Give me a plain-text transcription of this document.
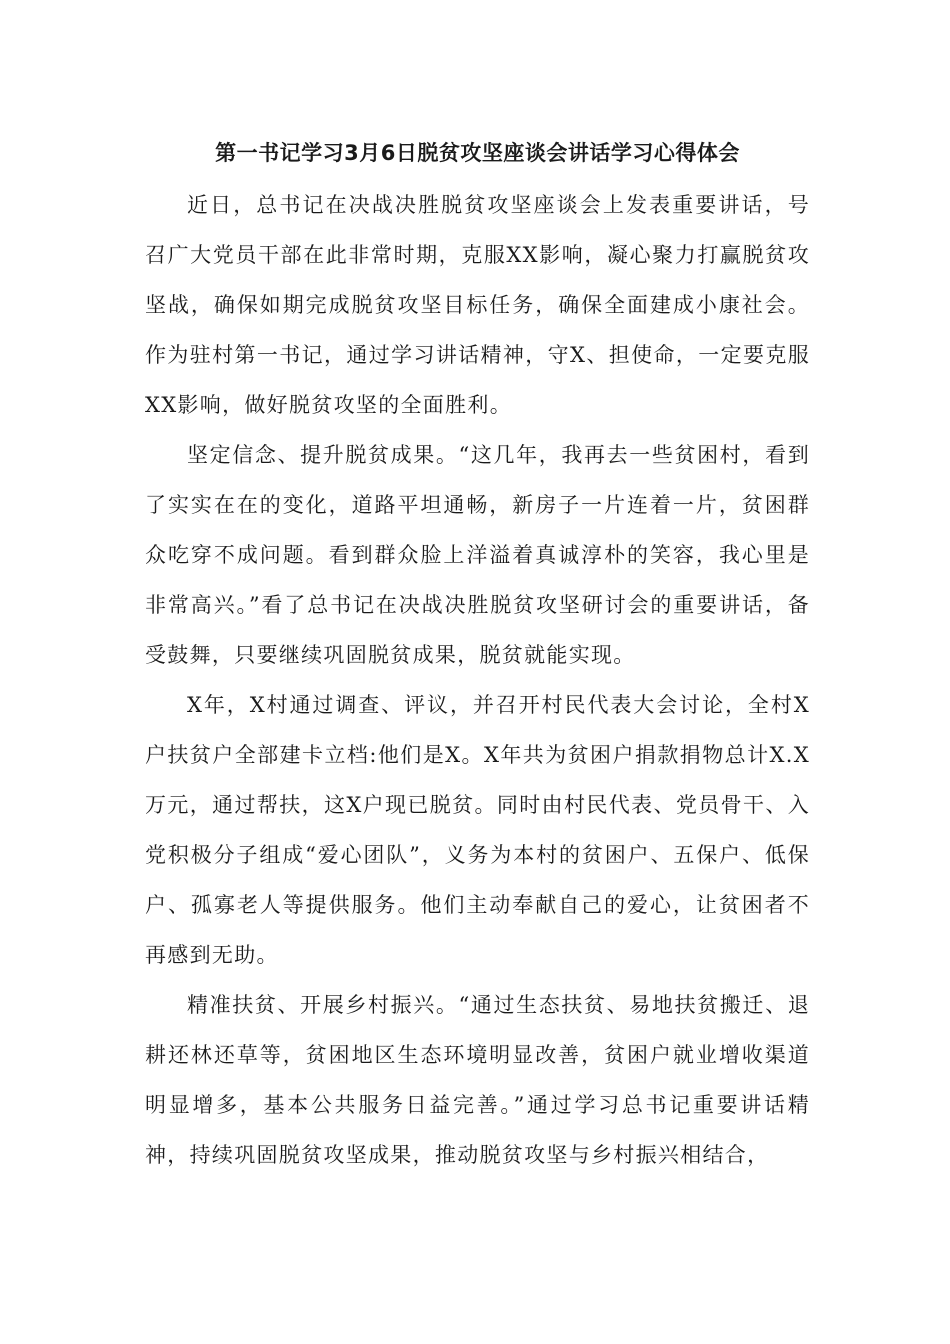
第一书记学习3月6日脱贫攻坚座谈会讲话学习心得体会

近日，总书记在决战决胜脱贫攻坚座谈会上发表重要讲话，号召广大党员干部在此非常时期，克服XX影响，凝心聚力打赢脱贫攻坚战，确保如期完成脱贫攻坚目标任务，确保全面建成小康社会。作为驻村第一书记，通过学习讲话精神，守X、担使命，一定要克服XX影响，做好脱贫攻坚的全面胜利。

坚定信念、提升脱贫成果。“这几年，我再去一些贫困村，看到了实实在在的变化，道路平坦通畅，新房子一片连着一片，贫困群众吃穿不成问题。看到群众脸上洋溢着真诚淳朴的笑容，我心里是非常高兴。”看了总书记在决战决胜脱贫攻坚研讨会的重要讲话，备受鼓舞，只要继续巩固脱贫成果，脱贫就能实现。

X年，X村通过调查、评议，并召开村民代表大会讨论，全村X户扶贫户全部建卡立档:他们是X。X年共为贫困户捐款捐物总计X.X万元，通过帮扶，这X户现已脱贫。同时由村民代表、党员骨干、入党积极分子组成“爱心团队”，义务为本村的贫困户、五保户、低保户、孤寡老人等提供服务。他们主动奉献自己的爱心，让贫困者不再感到无助。

精准扶贫、开展乡村振兴。“通过生态扶贫、易地扶贫搬迁、退耕还林还草等，贫困地区生态环境明显改善，贫困户就业增收渠道明显增多，基本公共服务日益完善。”通过学习总书记重要讲话精神，持续巩固脱贫攻坚成果，推动脱贫攻坚与乡村振兴相结合，
